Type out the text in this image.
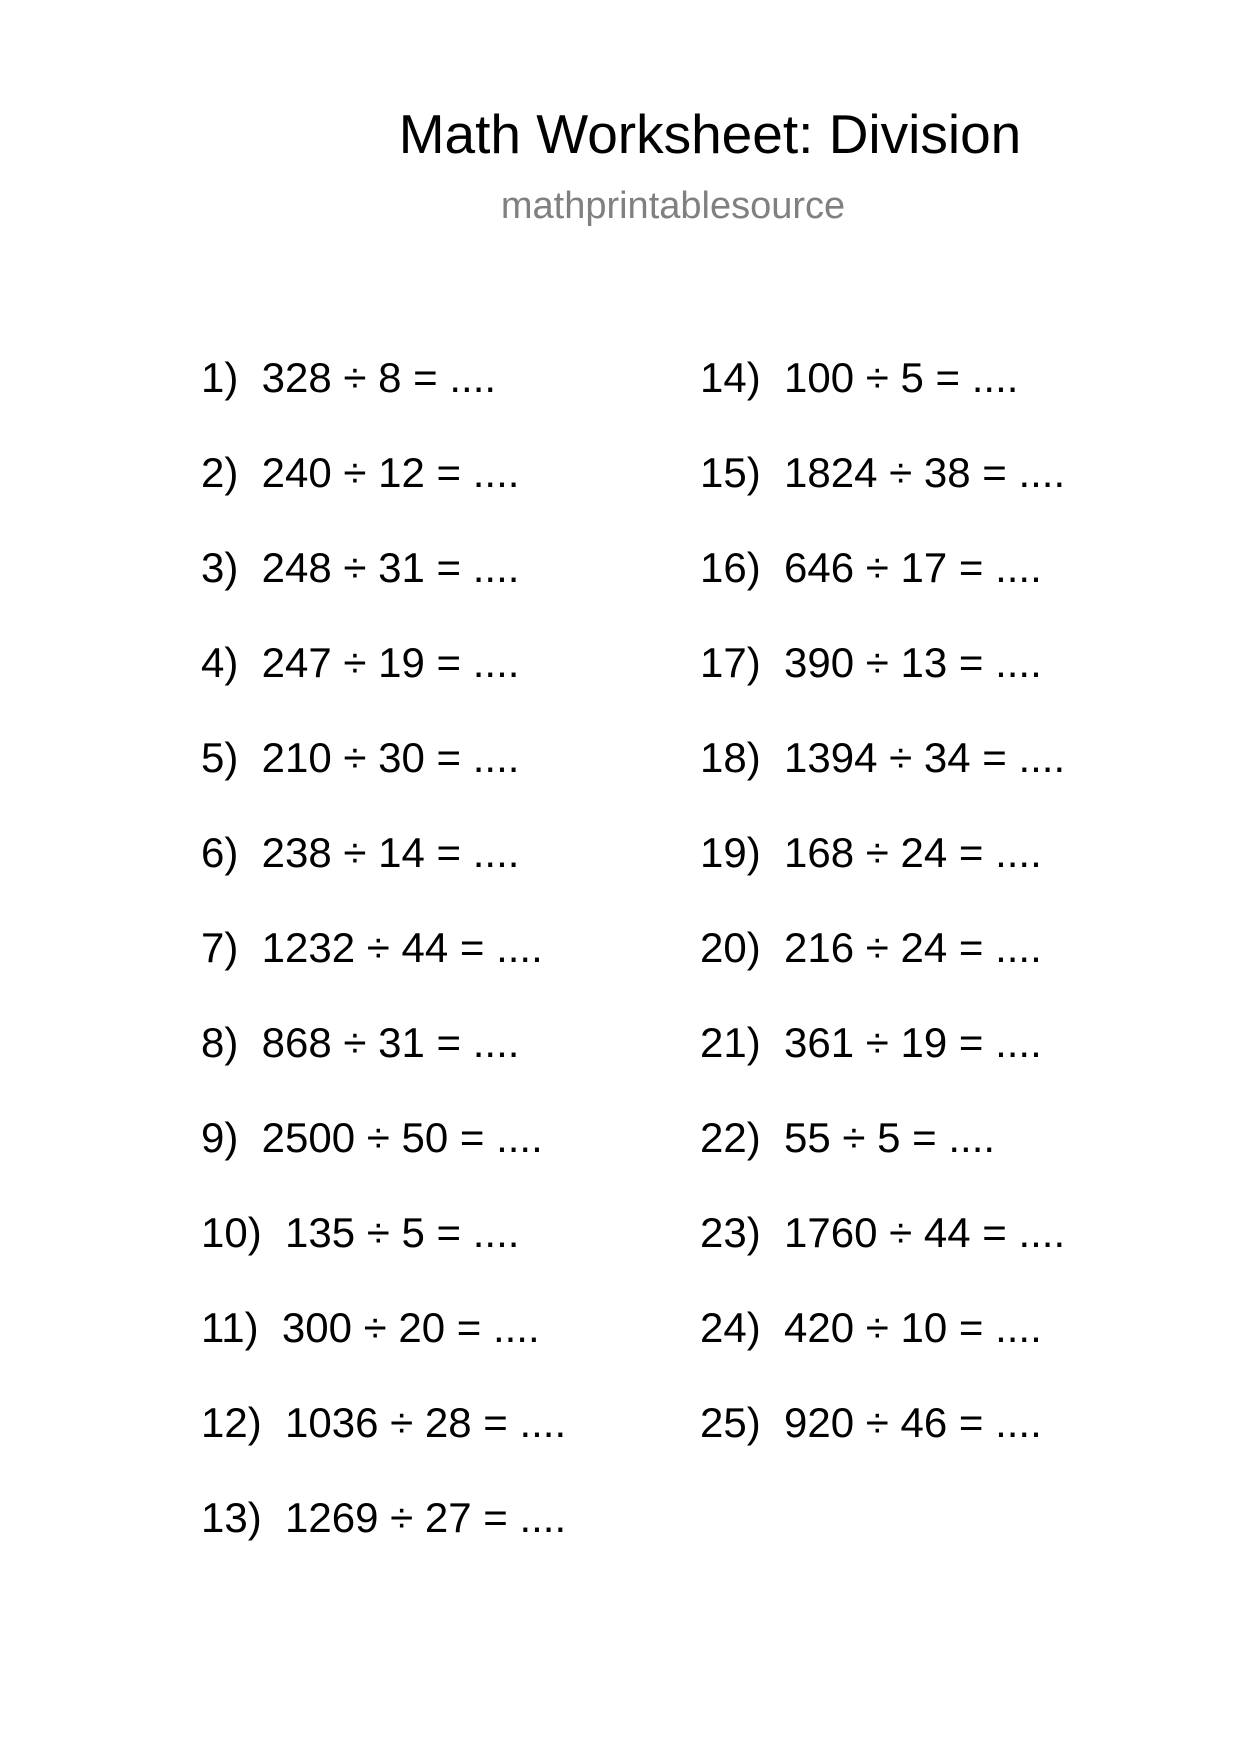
Math Worksheet: Division
mathprintablesource
1)  328 ÷ 8 = ....
2)  240 ÷ 12 = ....
3)  248 ÷ 31 = ....
4)  247 ÷ 19 = ....
5)  210 ÷ 30 = ....
6)  238 ÷ 14 = ....
7)  1232 ÷ 44 = ....
8)  868 ÷ 31 = ....
9)  2500 ÷ 50 = ....
10)  135 ÷ 5 = ....
11)  300 ÷ 20 = ....
12)  1036 ÷ 28 = ....
13)  1269 ÷ 27 = ....
14)  100 ÷ 5 = ....
15)  1824 ÷ 38 = ....
16)  646 ÷ 17 = ....
17)  390 ÷ 13 = ....
18)  1394 ÷ 34 = ....
19)  168 ÷ 24 = ....
20)  216 ÷ 24 = ....
21)  361 ÷ 19 = ....
22)  55 ÷ 5 = ....
23)  1760 ÷ 44 = ....
24)  420 ÷ 10 = ....
25)  920 ÷ 46 = ....
